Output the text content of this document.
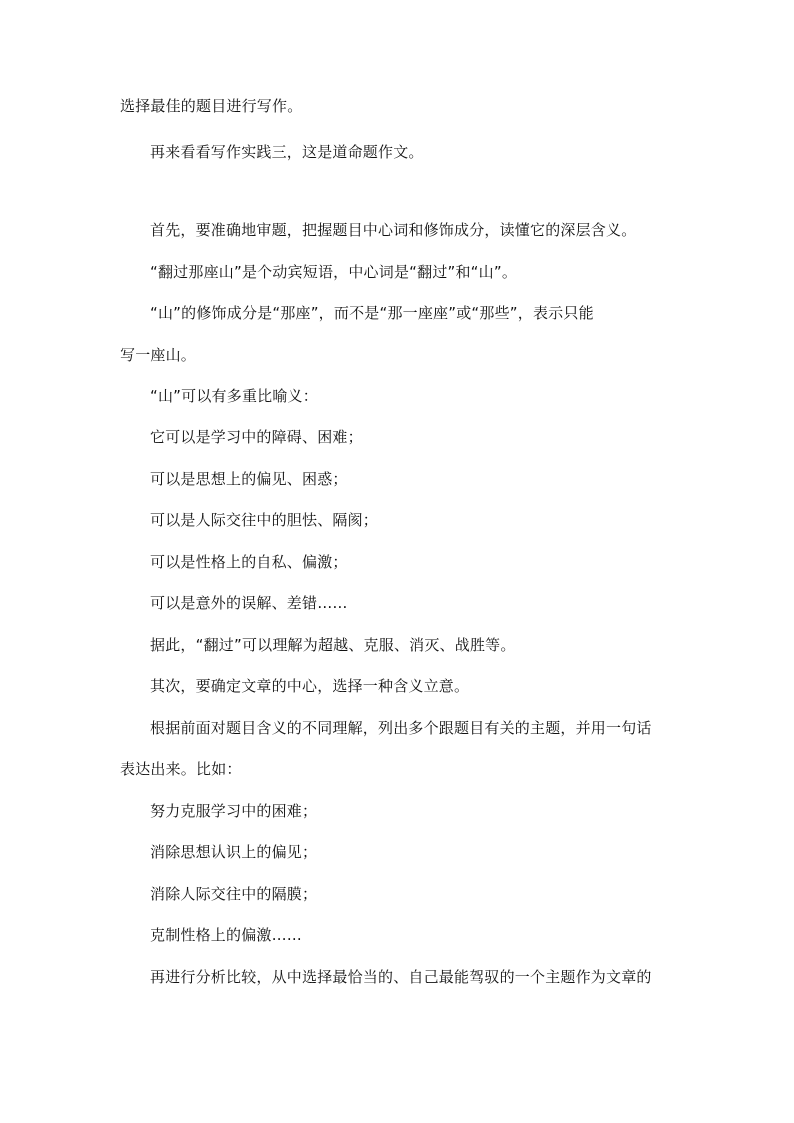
选择最佳的题目进行写作。
再来看看写作实践三，这是道命题作文。
首先，要准确地审题，把握题目中心词和修饰成分，读懂它的深层含义。
“翻过那座山”是个动宾短语，中心词是“翻过”和“山”。
“山”的修饰成分是“那座”，而不是“那一座座”或“那些”，表示只能
写一座山。
“山”可以有多重比喻义：
它可以是学习中的障碍、困难；
可以是思想上的偏见、困惑；
可以是人际交往中的胆怯、隔阂；
可以是性格上的自私、偏激；
可以是意外的误解、差错……
据此，“翻过”可以理解为超越、克服、消灭、战胜等。
其次，要确定文章的中心，选择一种含义立意。
根据前面对题目含义的不同理解，列出多个跟题目有关的主题，并用一句话
表达出来。比如：
努力克服学习中的困难；
消除思想认识上的偏见；
消除人际交往中的隔膜；
克制性格上的偏激……
再进行分析比较，从中选择最恰当的、自己最能驾驭的一个主题作为文章的
